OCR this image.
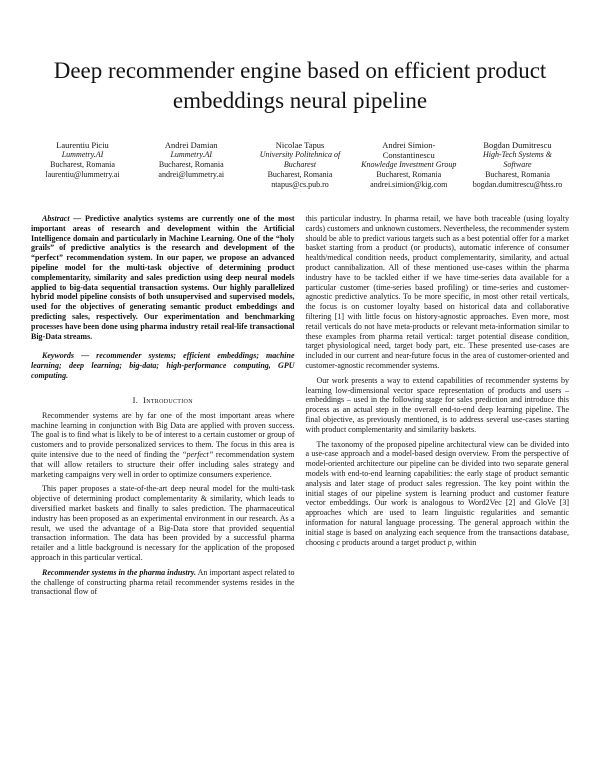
Deep recommender engine based on efficient product embeddings neural pipeline
Laurentiu Piciu
Lummetry.AI
Bucharest, Romania
laurentiu@lummetry.ai
Andrei Damian
Lummetry.AI
Bucharest, Romania
andrei@lummetry.ai
Nicolae Tapus
University Politehnica of Bucharest
Bucharest, Romania
ntapus@cs.pub.ro
Andrei Simion-Constantinescu
Knowledge Investment Group
Bucharest, Romania
andrei.simion@kig.com
Bogdan Dumitrescu
High-Tech Systems & Software
Bucharest, Romania
bogdan.dumitrescu@htss.ro

Abstract — Predictive analytics systems are currently one of the most important areas of research and development within the Artificial Intelligence domain and particularly in Machine Learning. One of the “holy grails” of predictive analytics is the research and development of the “perfect” recommendation system. In our paper, we propose an advanced pipeline model for the multi-task objective of determining product complementarity, similarity and sales prediction using deep neural models applied to big-data sequential transaction systems. Our highly parallelized hybrid model pipeline consists of both unsupervised and supervised models, used for the objectives of generating semantic product embeddings and predicting sales, respectively. Our experimentation and benchmarking processes have been done using pharma industry retail real-life transactional Big-Data streams.

Keywords — recommender systems; efficient embeddings; machine learning; deep learning; big-data; high-performance computing, GPU computing.

I.  Introduction

Recommender systems are by far one of the most important areas where machine learning in conjunction with Big Data are applied with proven success. The goal is to find what is likely to be of interest to a certain customer or group of customers and to provide personalized services to them. The focus in this area is quite intensive due to the need of finding the “perfect” recommendation system that will allow retailers to structure their offer including sales strategy and marketing campaigns very well in order to optimize consumers experience.

This paper proposes a state-of-the-art deep neural model for the multi-task objective of determining product complementarity & similarity, which leads to diversified market baskets and finally to sales prediction. The pharmaceutical industry has been proposed as an experimental environment in our research. As a result, we used the advantage of a Big-Data store that provided sequential transaction information. The data has been provided by a successful pharma retailer and a little background is necessary for the application of the proposed approach in this particular vertical.

Recommender systems in the pharma industry. An important aspect related to the challenge of constructing pharma retail recommender systems resides in the transactional flow of

this particular industry. In pharma retail, we have both traceable (using loyalty cards) customers and unknown customers. Nevertheless, the recommender system should be able to predict various targets such as a best potential offer for a market basket starting from a product (or products), automatic inference of consumer health/medical condition needs, product complementarity, similarity, and actual product cannibalization. All of these mentioned use-cases within the pharma industry have to be tackled either if we have time-series data available for a particular customer (time-series based profiling) or time-series and customer-agnostic predictive analytics. To be more specific, in most other retail verticals, the focus is on customer loyalty based on historical data and collaborative filtering [1] with little focus on history-agnostic approaches. Even more, most retail verticals do not have meta-products or relevant meta-information similar to these examples from pharma retail vertical: target potential disease condition, target physiological need, target body part, etc. These presented use-cases are included in our current and near-future focus in the area of customer-oriented and customer-agnostic recommender systems.

Our work presents a way to extend capabilities of recommender systems by learning low-dimensional vector space representation of products and users – embeddings – used in the following stage for sales prediction and introduce this process as an actual step in the overall end-to-end deep learning pipeline. The final objective, as previously mentioned, is to address several use-cases starting with product complementarity and similarity baskets.

The taxonomy of the proposed pipeline architectural view can be divided into a use-case approach and a model-based design overview. From the perspective of model-oriented architecture our pipeline can be divided into two separate general models with end-to-end learning capabilities: the early stage of product semantic analysis and later stage of product sales regression. The key point within the initial stages of our pipeline system is learning product and customer feature vector embeddings. Our work is analogous to Word2Vec [2] and GloVe [3] approaches which are used to learn linguistic regularities and semantic information for natural language processing. The general approach within the initial stage is based on analyzing each sequence from the transactions database, choosing c products around a target product p, within
